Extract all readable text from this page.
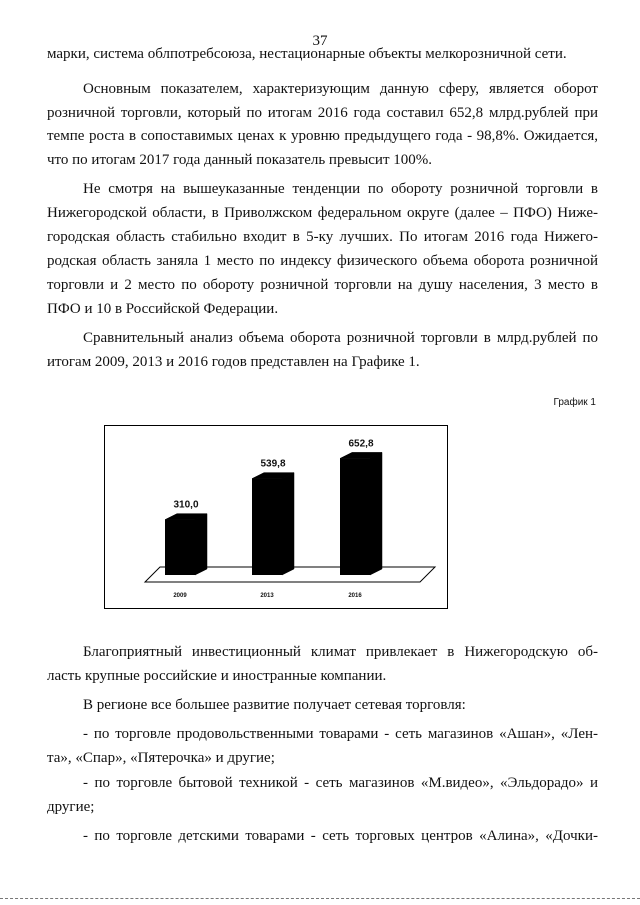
37
марки, система облпотребсоюза, нестационарные объекты мелкорозничной сети.
Основным показателем, характеризующим данную сферу, является оборот
розничной торговли, который по итогам 2016 года составил 652,8 млрд.рублей при
темпе роста в сопоставимых ценах к уровню предыдущего года - 98,8%. Ожидается,
что по итогам 2017 года данный показатель превысит 100%.
Не смотря на вышеуказанные тенденции по обороту розничной торговли в
Нижегородской области, в Приволжском федеральном округе (далее – ПФО) Ниже-
городская область стабильно входит в 5-ку лучших. По итогам 2016 года Нижего-
родская область заняла 1 место по индексу физического объема оборота розничной
торговли и 2 место по обороту розничной торговли на душу населения, 3 место в
ПФО и 10 в Российской Федерации.
Сравнительный анализ объема оборота розничной торговли в млрд.рублей по
итогам 2009, 2013 и 2016 годов представлен на Графике 1.
График 1
310,0
2009
539,8
2013
652,8
2016
Благоприятный инвестиционный климат привлекает в Нижегородскую об-
ласть крупные российские и иностранные компании.
В регионе все большее развитие получает сетевая торговля:
- по торговле продовольственными товарами - сеть магазинов «Ашан», «Лен-
та», «Спар», «Пятерочка» и другие;
- по торговле бытовой техникой - сеть магазинов «М.видео», «Эльдорадо» и
другие;
- по торговле детскими товарами - сеть торговых центров «Алина», «Дочки-
